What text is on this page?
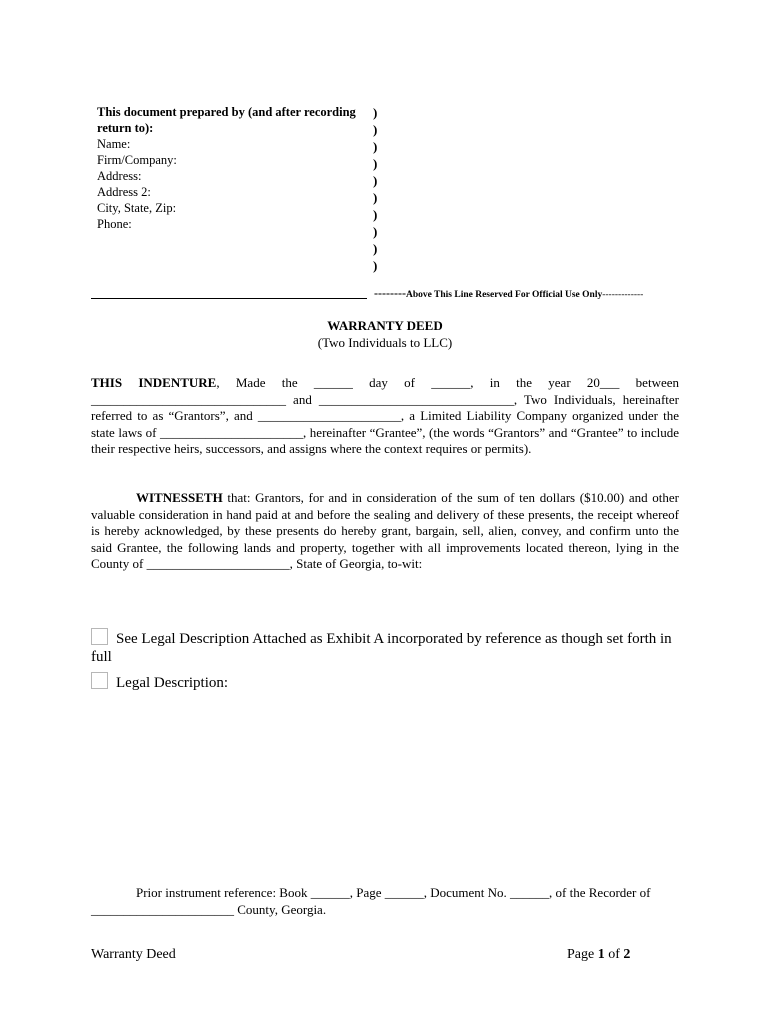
This document prepared by (and after recording return to):
Name:
Firm/Company:
Address:
Address 2:
City, State, Zip:
Phone:
)
)
)
)
)
)
)
)
)
)
--------Above This Line Reserved For Official Use Only-------------
WARRANTY DEED
(Two Individuals to LLC)
THIS INDENTURE, Made the ______ day of ______, in the year 20___ between ______________________________ and ______________________________, Two Individuals, hereinafter referred to as “Grantors”, and ______________________, a Limited Liability Company organized under the state laws of ______________________, hereinafter “Grantee”, (the words “Grantors” and “Grantee” to include their respective heirs, successors, and assigns where the context requires or permits).
WITNESSETH that: Grantors, for and in consideration of the sum of ten dollars ($10.00) and other valuable consideration in hand paid at and before the sealing and delivery of these presents, the receipt whereof is hereby acknowledged, by these presents do hereby grant, bargain, sell, alien, convey, and confirm unto the said Grantee, the following lands and property, together with all improvements located thereon, lying in the County of ______________________, State of Georgia, to-wit:
See Legal Description Attached as Exhibit A incorporated by reference as though set forth in full
Legal Description:
Prior instrument reference: Book ______, Page ______, Document No. ______, of the Recorder of ______________________ County, Georgia.
Warranty Deed	Page 1 of 2
